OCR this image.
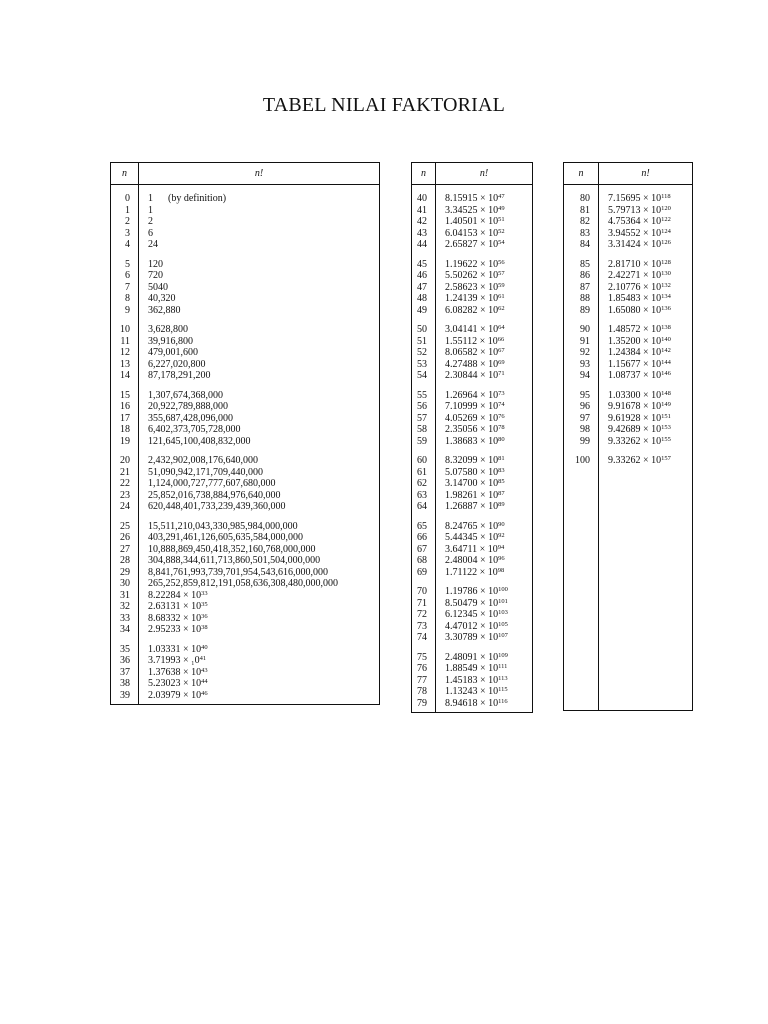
TABEL NILAI FAKTORIAL
n	n!

0	1      (by definition)
1	1
2	2
3	6
4	24

5	120
6	720
7	5040
8	40,320
9	362,880

10	3,628,800
11	39,916,800
12	479,001,600
13	6,227,020,800
14	87,178,291,200

15	1,307,674,368,000
16	20,922,789,888,000
17	355,687,428,096,000
18	6,402,373,705,728,000
19	121,645,100,408,832,000

20	2,432,902,008,176,640,000
21	51,090,942,171,709,440,000
22	1,124,000,727,777,607,680,000
23	25,852,016,738,884,976,640,000
24	620,448,401,733,239,439,360,000

25	15,511,210,043,330,985,984,000,000
26	403,291,461,126,605,635,584,000,000
27	10,888,869,450,418,352,160,768,000,000
28	304,888,344,611,713,860,501,504,000,000
29	8,841,761,993,739,701,954,543,616,000,000
30	265,252,859,812,191,058,636,308,480,000,000
31	$8.22284 \times 10^{33}$
32	$2.63131 \times 10^{35}$
33	$8.68332 \times 10^{36}$
34	$2.95233 \times 10^{38}$

35	$1.03331 \times 10^{40}$
36	$3.71993 \times _10^{41}$
37	$1.37638 \times 10^{43}$
38	$5.23023 \times 10^{44}$
39	$2.03979 \times 10^{46}$

n	n!

40	$8.15915 \times 10^{47}$
41	$3.34525 \times 10^{49}$
42	$1.40501 \times 10^{51}$
43	$6.04153 \times 10^{52}$
44	$2.65827 \times 10^{54}$

45	$1.19622 \times 10^{56}$
46	$5.50262 \times 10^{57}$
47	$2.58623 \times 10^{59}$
48	$1.24139 \times 10^{61}$
49	$6.08282 \times 10^{62}$

50	$3.04141 \times 10^{64}$
51	$1.55112 \times 10^{66}$
52	$8.06582 \times 10^{67}$
53	$4.27488 \times 10^{69}$
54	$2.30844 \times 10^{71}$

55	$1.26964 \times 10^{73}$
56	$7.10999 \times 10^{74}$
57	$4.05269 \times 10^{76}$
58	$2.35056 \times 10^{78}$
59	$1.38683 \times 10^{80}$

60	$8.32099 \times 10^{81}$
61	$5.07580 \times 10^{83}$
62	$3.14700 \times 10^{85}$
63	$1.98261 \times 10^{87}$
64	$1.26887 \times 10^{89}$

65	$8.24765 \times 10^{90}$
66	$5.44345 \times 10^{92}$
67	$3.64711 \times 10^{94}$
68	$2.48004 \times 10^{96}$
69	$1.71122 \times 10^{98}$

70	$1.19786 \times 10^{100}$
71	$8.50479 \times 10^{101}$
72	$6.12345 \times 10^{103}$
73	$4.47012 \times 10^{105}$
74	$3.30789 \times 10^{107}$

75	$2.48091 \times 10^{109}$
76	$1.88549 \times 10^{111}$
77	$1.45183 \times 10^{113}$
78	$1.13243 \times 10^{115}$
79	$8.94618 \times 10^{116}$

n	n!

80	$7.15695 \times 10^{118}$
81	$5.79713 \times 10^{120}$
82	$4.75364 \times 10^{122}$
83	$3.94552 \times 10^{124}$
84	$3.31424 \times 10^{126}$

85	$2.81710 \times 10^{128}$
86	$2.42271 \times 10^{130}$
87	$2.10776 \times 10^{132}$
88	$1.85483 \times 10^{134}$
89	$1.65080 \times 10^{136}$

90	$1.48572 \times 10^{138}$
91	$1.35200 \times 10^{140}$
92	$1.24384 \times 10^{142}$
93	$1.15677 \times 10^{144}$
94	$1.08737 \times 10^{146}$

95	$1.03300 \times 10^{148}$
96	$9.91678 \times 10^{149}$
97	$9.61928 \times 10^{151}$
98	$9.42689 \times 10^{153}$
99	$9.33262 \times 10^{155}$

100	$9.33262 \times 10^{157}$
